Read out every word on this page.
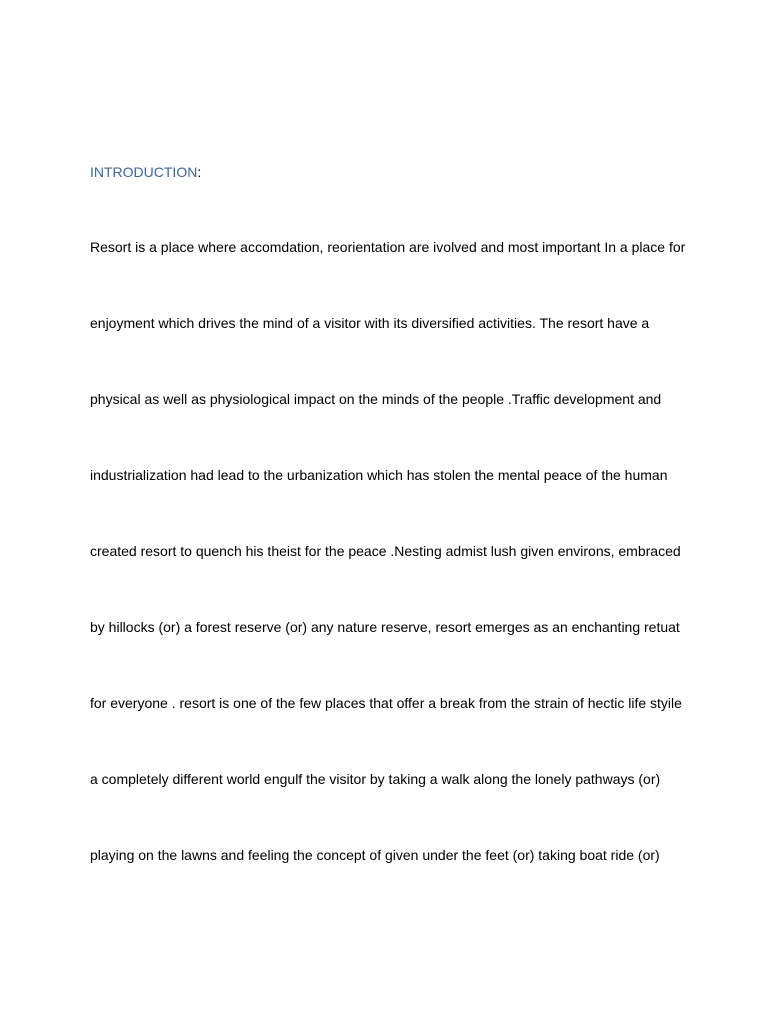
INTRODUCTION:
Resort is a place where accomdation, reorientation are ivolved and most important In a place for
enjoyment which drives the mind of a visitor with its diversified activities. The resort have a
physical as well as physiological impact on the minds of the people .Traffic development and
industrialization had lead to the urbanization which has stolen the mental peace of the human
created resort to quench his theist for the peace .Nesting admist lush given environs, embraced
by hillocks (or) a forest reserve (or) any nature reserve, resort emerges as an enchanting retuat
for everyone . resort is one of the few places that offer a break from the strain of hectic life styile
a completely different world engulf the visitor by taking a walk along the lonely pathways (or)
playing on the lawns and feeling the concept of given under the feet (or) taking boat ride (or)
